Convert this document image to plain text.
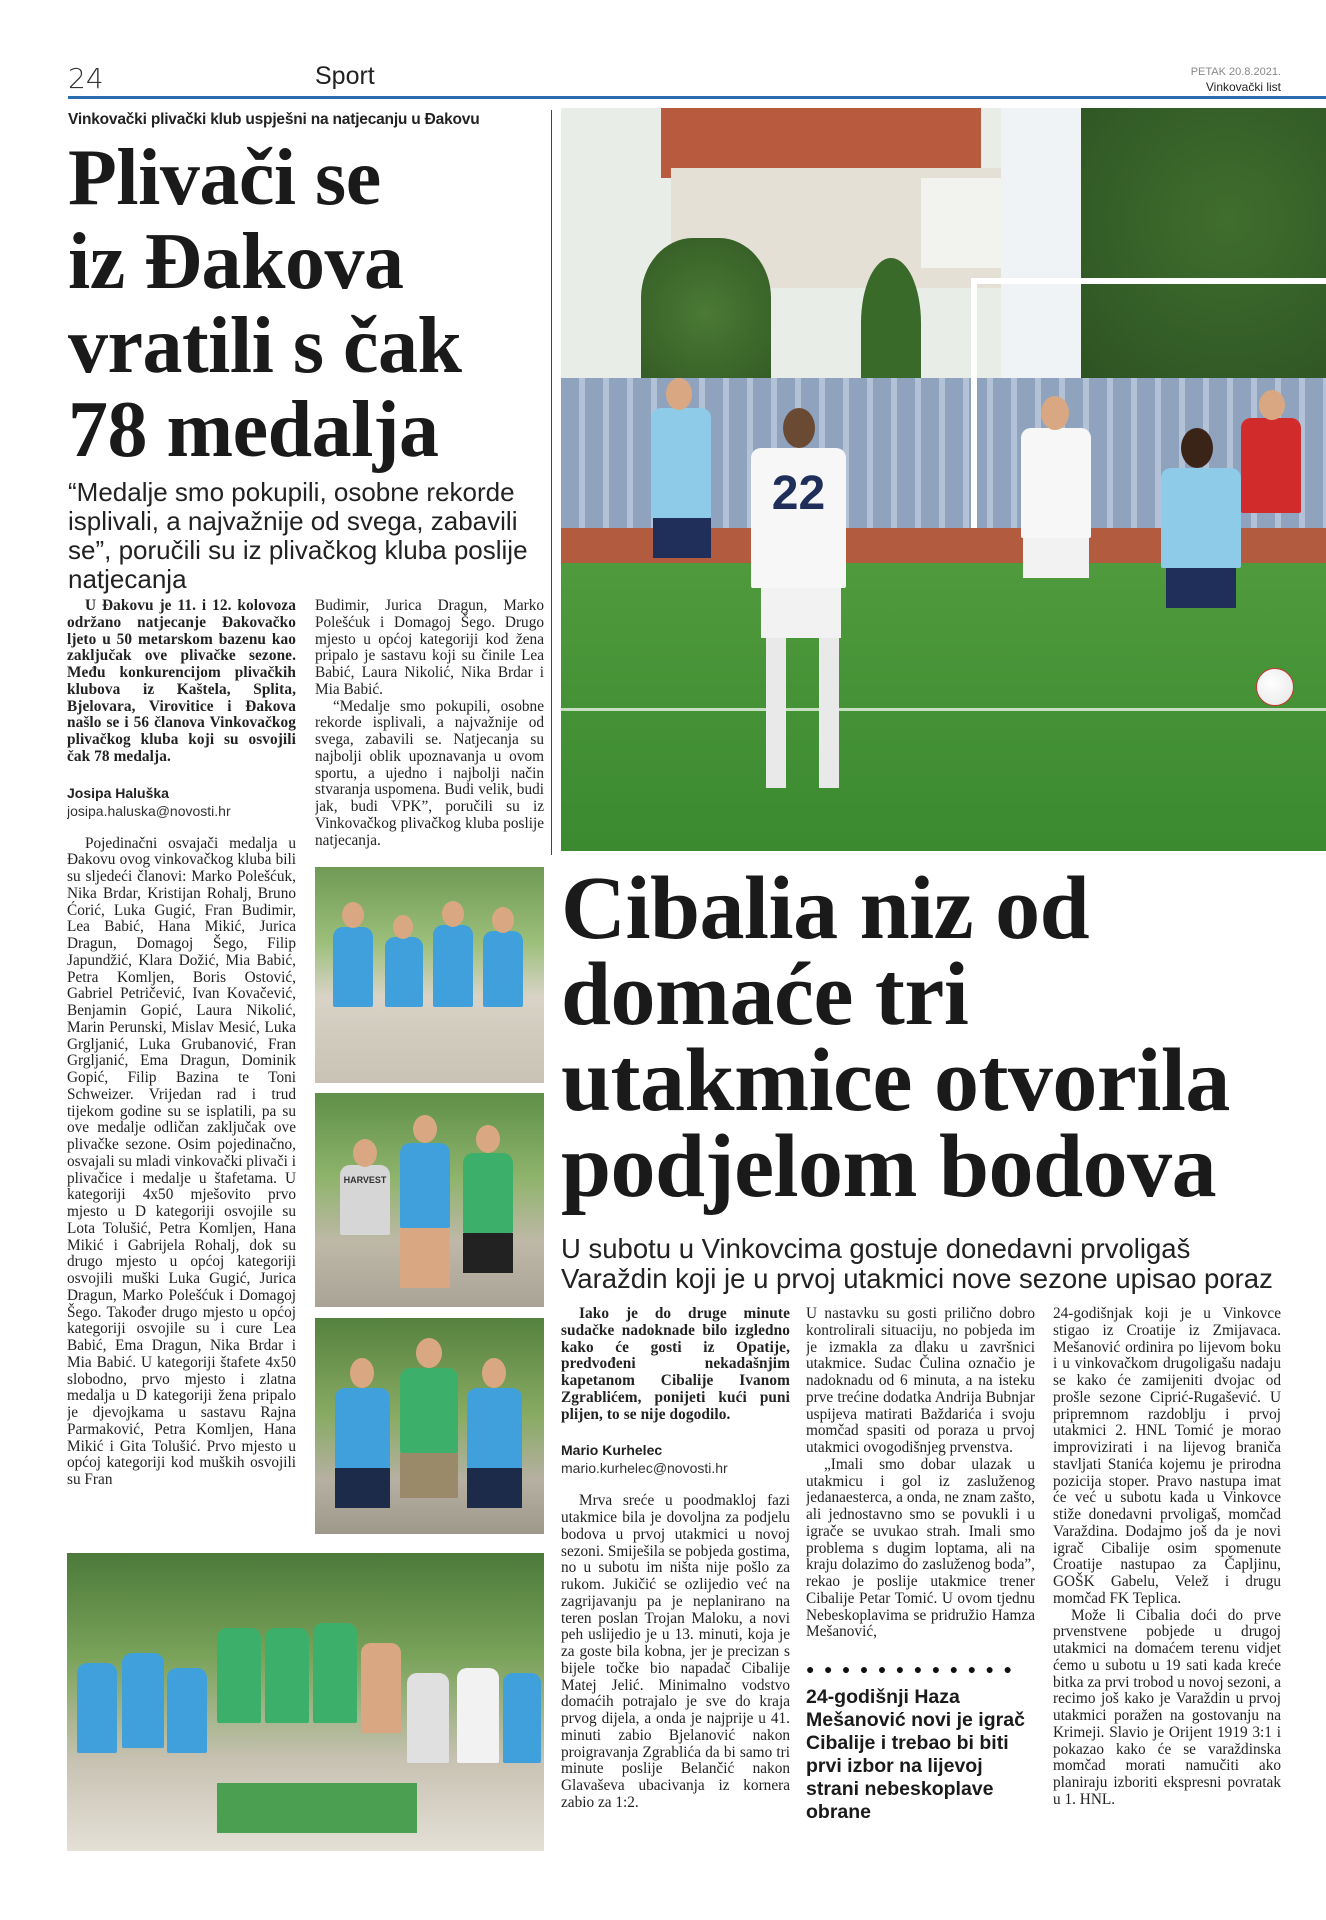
24	Sport	PETAK 20.8.2021.
Vinkovački list
Vinkovački plivački klub uspješni na natjecanju u Đakovu
Plivači se
iz Đakova
vratili s čak
78 medalja
“Medalje smo pokupili, osobne rekorde isplivali, a najvažnije od svega, zabavili se”, poručili su iz plivačkog kluba poslije natjecanja

U Đakovu je 11. i 12. kolovoza održano natjecanje Đakovačko ljeto u 50 metarskom bazenu kao zaključak ove plivačke sezone. Među konkurencijom plivačkih klubova iz Kaštela, Splita, Bjelovara, Virovitice i Đakova našlo se i 56 članova Vinkovačkog plivačkog kluba koji su osvojili čak 78 medalja.

Josipa Haluška
josipa.haluska@novosti.hr

Pojedinačni osvajači medalja u Đakovu ovog vinkovačkog kluba bili su sljedeći članovi: Marko Polešćuk, Nika Brdar, Kristijan Rohalj, Bruno Ćorić, Luka Gugić, Fran Budimir, Lea Babić, Hana Mikić, Jurica Dragun, Domagoj Šego, Filip Japundžić, Klara Dožić, Mia Babić, Petra Komljen, Boris Ostović, Gabriel Petričević, Ivan Kovačević, Benjamin Gopić, Laura Nikolić, Marin Perunski, Mislav Mesić, Luka Grgljanić, Luka Grubanović, Fran Grgljanić, Ema Dragun, Dominik Gopić, Filip Bazina te Toni Schweizer. Vrijedan rad i trud tijekom godine su se isplatili, pa su ove medalje odličan zaključak ove plivačke sezone. Osim pojedinačno, osvajali su mladi vinkovački plivači i plivačice i medalje u štafetama. U kategoriji 4x50 mješovito prvo mjesto u D kategoriji osvojile su Lota Tolušić, Petra Komljen, Hana Mikić i Gabrijela Rohalj, dok su drugo mjesto u općoj kategoriji osvojili muški Luka Gugić, Jurica Dragun, Marko Polešćuk i Domagoj Šego. Također drugo mjesto u općoj kategoriji osvojile su i cure Lea Babić, Ema Dragun, Nika Brdar i Mia Babić. U kategoriji štafete 4x50 slobodno, prvo mjesto i zlatna medalja u D kategoriji žena pripalo je djevojkama u sastavu Rajna Parmaković, Petra Komljen, Hana Mikić i Gita Tolušić. Prvo mjesto u općoj kategoriji kod muških osvojili su Fran

Budimir, Jurica Dragun, Marko Polešćuk i Domagoj Šego. Drugo mjesto u općoj kategoriji kod žena pripalo je sastavu koji su činile Lea Babić, Laura Nikolić, Nika Brdar i Mia Babić.

“Medalje smo pokupili, osobne rekorde isplivali, a najvažnije od svega, zabavili se. Natjecanja su najbolji oblik upoznavanja u ovom sportu, a ujedno i najbolji način stvaranja uspomena. Budi velik, budi jak, budi VPK”, poručili su iz Vinkovačkog plivačkog kluba poslije natjecanja.

HARVEST
22
Cibalia niz od
domaće tri
utakmice otvorila
podjelom bodova
U subotu u Vinkovcima gostuje donedavni prvoligaš Varaždin koji je u prvoj utakmici nove sezone upisao poraz

Iako je do druge minute sudačke nadoknade bilo izgledno kako će gosti iz Opatije, predvođeni nekadašnjim kapetanom Cibalije Ivanom Zgrablićem, ponijeti kući puni plijen, to se nije dogodilo.

Mario Kurhelec
mario.kurhelec@novosti.hr

Mrva sreće u poodmakloj fazi utakmice bila je dovoljna za podjelu bodova u prvoj utakmici u novoj sezoni. Smiješila se pobjeda gostima, no u subotu im ništa nije pošlo za rukom. Jukičić se ozlijedio već na zagrijavanju pa je neplanirano na teren poslan Trojan Maloku, a novi peh uslijedio je u 13. minuti, koja je za goste bila kobna, jer je precizan s bijele točke bio napadač Cibalije Matej Jelić. Minimalno vodstvo domaćih potrajalo je sve do kraja prvog dijela, a onda je najprije u 41. minuti zabio Bjelanović nakon proigravanja Zgrablića da bi samo tri minute poslije Belančić nakon Glavaševa ubacivanja iz kornera zabio za 1:2.

U nastavku su gosti prilično dobro kontrolirali situaciju, no pobjeda im je izmakla za dlaku u završnici utakmice. Sudac Čulina označio je nadoknadu od 6 minuta, a na isteku prve trećine dodatka Andrija Bubnjar uspijeva matirati Baždarića i svoju momčad spasiti od poraza u prvoj utakmici ovogodišnjeg prvenstva.

„Imali smo dobar ulazak u utakmicu i gol iz zasluženog jedanaesterca, a onda, ne znam zašto, ali jednostavno smo se povukli i u igrače se uvukao strah. Imali smo problema s dugim loptama, ali na kraju dolazimo do zasluženog boda”, rekao je poslije utakmice trener Cibalije Petar Tomić. U ovom tjednu Nebeskoplavima se pridružio Hamza Mešanović,

●●●●●●●●●●●●
24-godišnji Haza Mešanović novi je igrač Cibalije i trebao bi biti prvi izbor na lijevoj strani nebeskoplave obrane

24-godišnjak koji je u Vinkovce stigao iz Croatije iz Zmijavaca. Mešanović ordinira po lijevom boku i u vinkovačkom drugoligašu nadaju se kako će zamijeniti dvojac od prošle sezone Ciprić-Rugašević. U pripremnom razdoblju i prvoj utakmici 2. HNL Tomić je morao improvizirati i na lijevog braniča stavljati Stanića kojemu je prirodna pozicija stoper. Pravo nastupa imat će već u subotu kada u Vinkovce stiže donedavni prvoligaš, momčad Varaždina. Dodajmo još da je novi igrač Cibalije osim spomenute Croatije nastupao za Čapljinu, GOŠK Gabelu, Velež i drugu momčad FK Teplica.

Može li Cibalia doći do prve prvenstvene pobjede u drugoj utakmici na domaćem terenu vidjet ćemo u subotu u 19 sati kada kreće bitka za prvi trobod u novoj sezoni, a recimo još kako je Varaždin u prvoj utakmici poražen na gostovanju na Krimeji. Slavio je Orijent 1919 3:1 i pokazao kako će se varaždinska momčad morati namučiti ako planiraju izboriti ekspresni povratak u 1. HNL.
